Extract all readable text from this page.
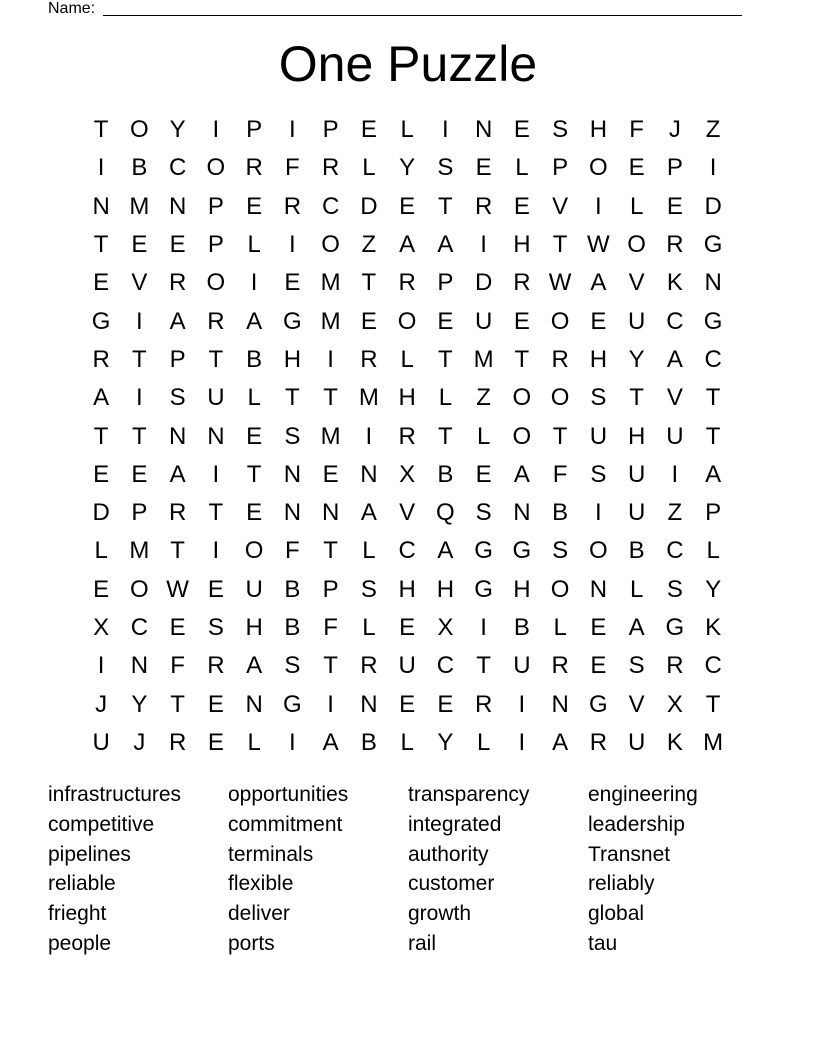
Name:
One Puzzle
T O Y	I	P	I	P E L	I	N E S H F	J	Z
I	B C O R F R L Y S E L P O E P	I
N M N P E R C D E T R E V	I	L E D
T E E P L	I	O Z A A	I	H T W O R G
E V R O	I	E M T R P D R W A V K N
G	I	A R A G M E O E U E O E U C G
R T P T B H	I	R L	T M T R H Y A C
A	I	S U L	T T M H L	Z O O S T V T
T T N N E S M	I	R T	L O T U H U T
E E A	I	T N E N X B E A F S U	I	A
D P R T E N N A V Q S N B	I	U Z P
L M T	I	O F T	L C A G G S O B C L
E O W E U B P S H H G H O N L S Y
X C E S H B F	L E X	I	B L E A G K
I	N F R A S T R U C T U R E S R C
J	Y T E N G	I	N E E R	I	N G V X T
U J R E L	I	A B L Y L	I	A R U K M
infrastructures	opportunities	transparency	engineering
competitive	commitment	integrated	leadership
pipelines	terminals	authority	Transnet
reliable	flexible	customer	reliably
frieght	deliver	growth	global
people	ports	rail	tau
